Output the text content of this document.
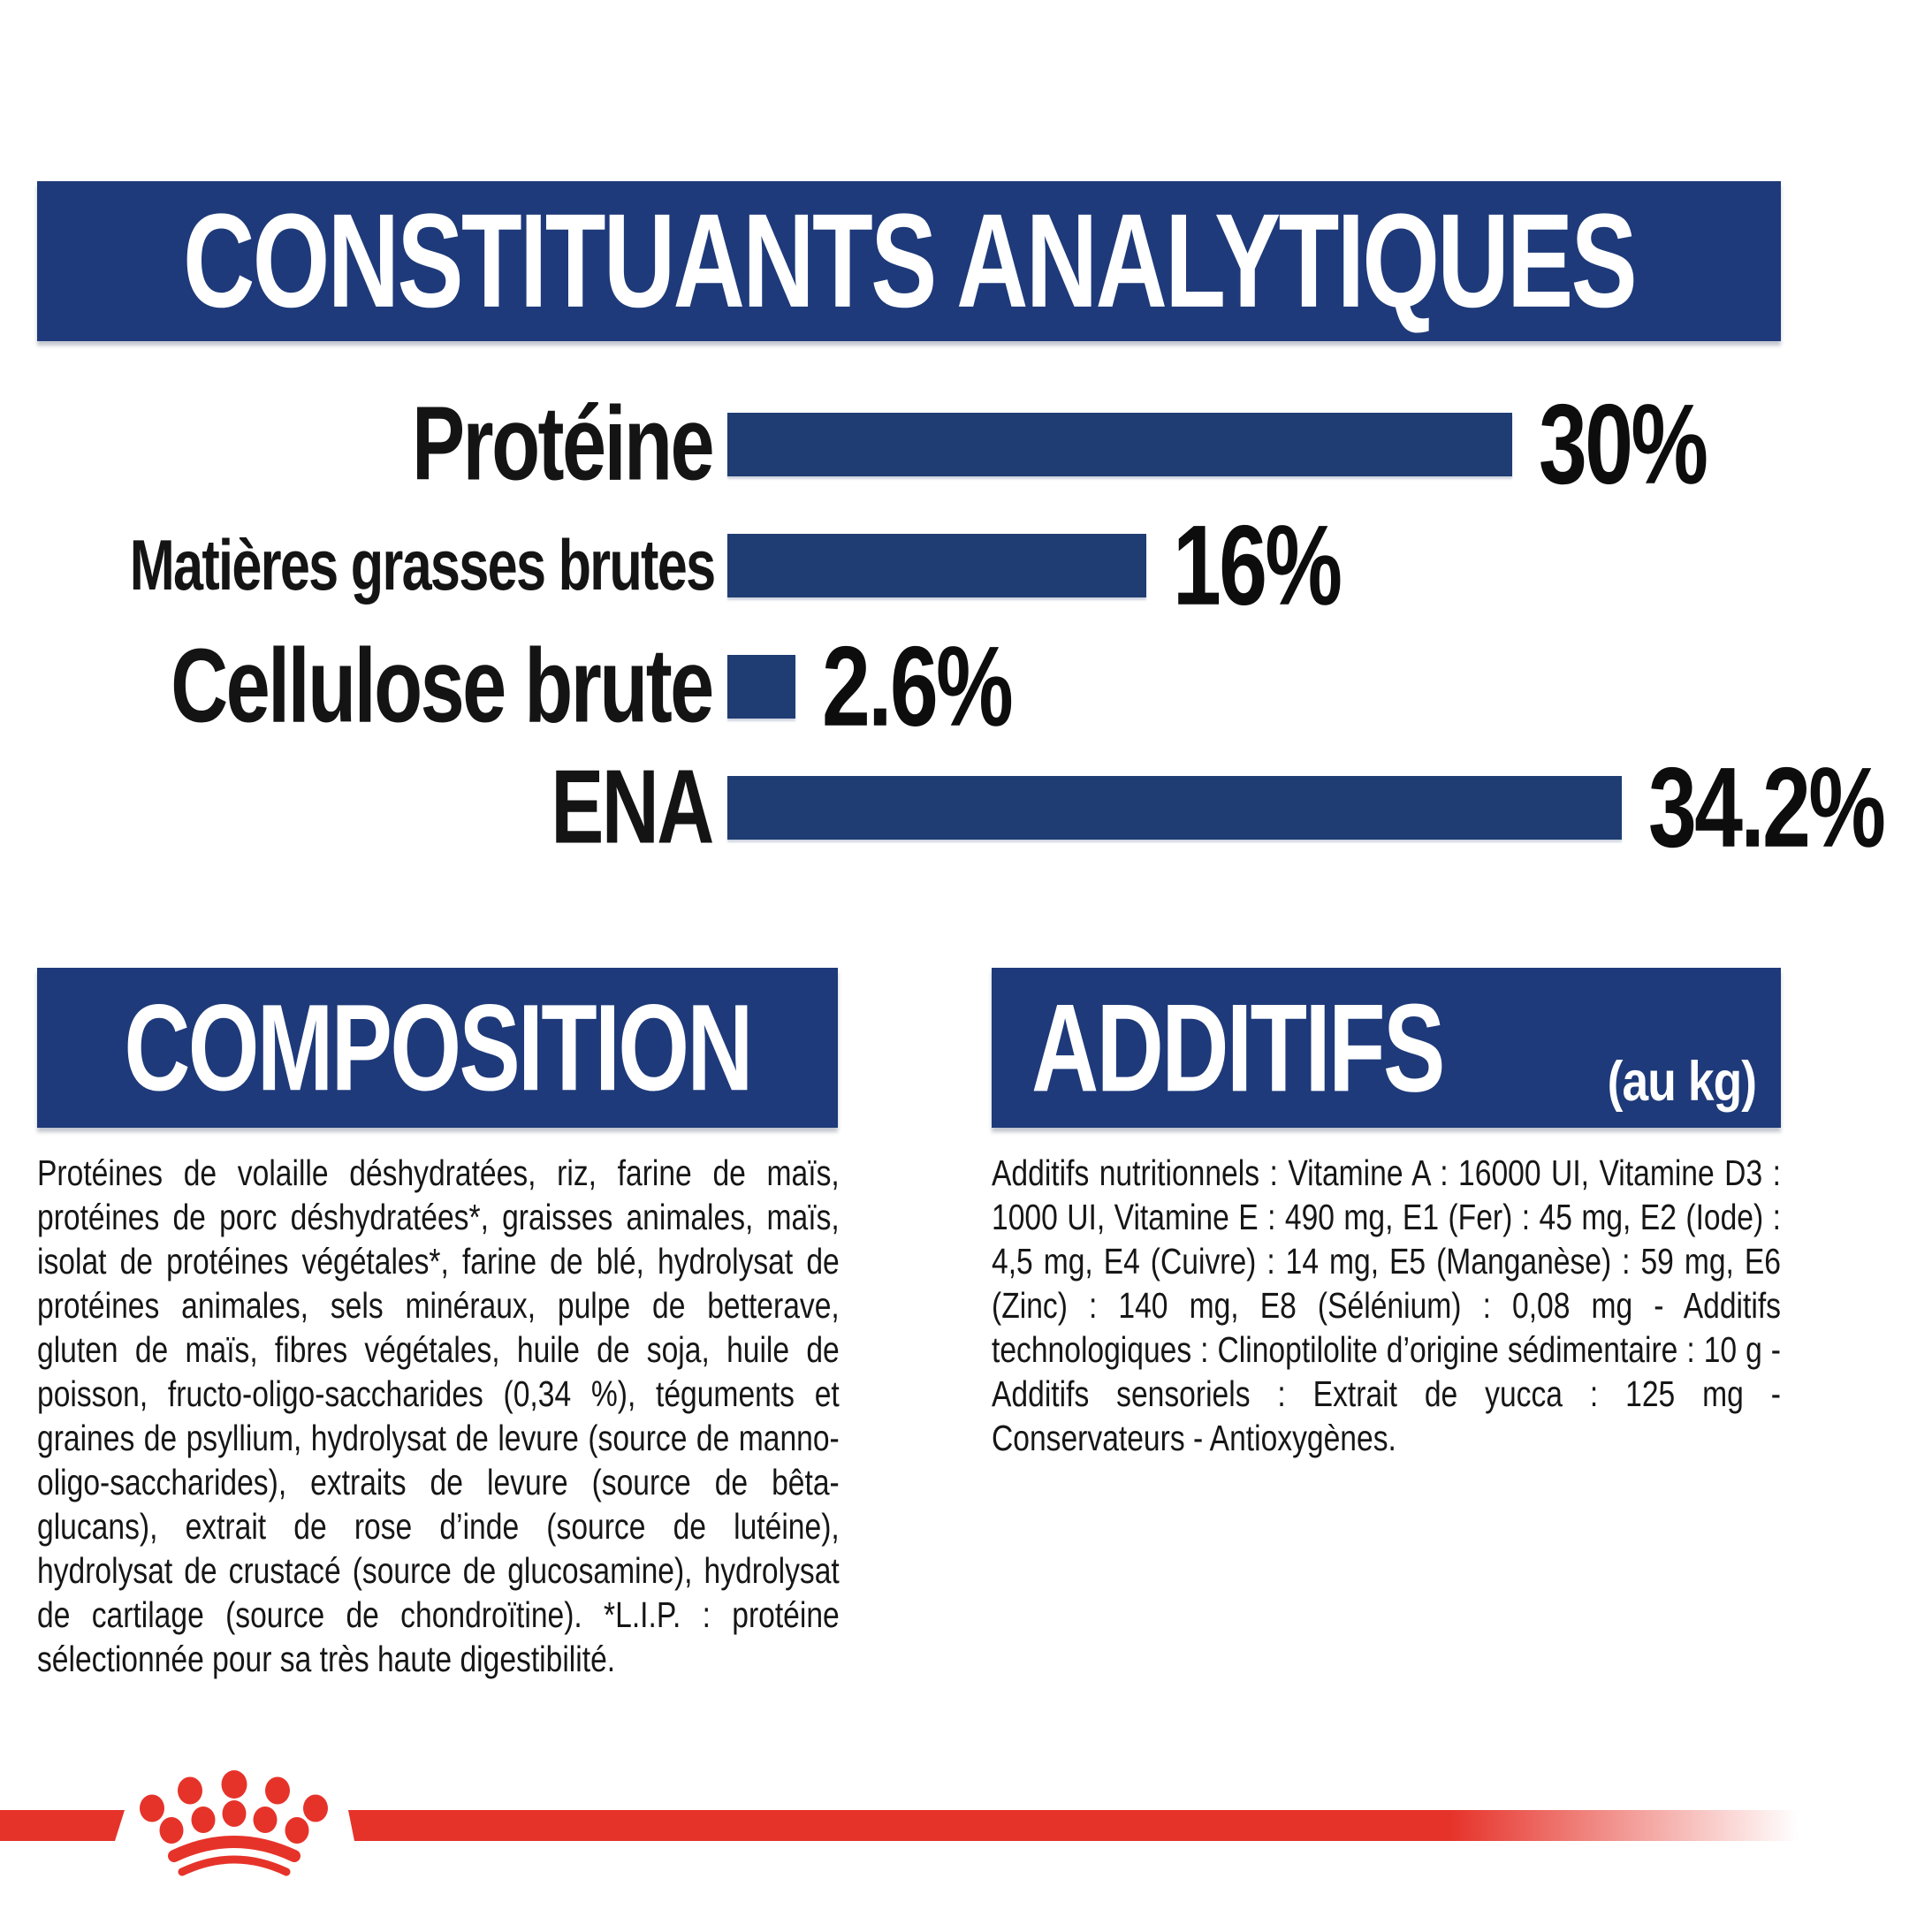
CONSTITUANTS ANALYTIQUES
Protéine	30%
Matières grasses brutes	16%
Cellulose brute 2.6%
ENA	34.2%
COMPOSITION	ADDITIFS	(au kg)
Protéines de volaille déshydratées, riz, farine de maïs, protéines de porc déshydratées*, graisses animales, maïs, isolat de protéines végétales*, farine de blé, hydrolysat de protéines animales, sels minéraux, pulpe de betterave, gluten de maïs, fibres végétales, huile de soja, huile de poisson, fructo-oligo-saccharides (0,34 %), téguments et graines de psyllium, hydrolysat de levure (source de manno-oligo-saccharides), extraits de levure (source de bêta-glucans), extrait de rose d’inde (source de lutéine), hydrolysat de crustacé (source de glucosamine), hydrolysat de cartilage (source de chondroïtine). *L.I.P. : protéine sélectionnée pour sa très haute digestibilité.
Additifs nutritionnels : Vitamine A : 16000 UI, Vitamine D3 : 1000 UI, Vitamine E : 490 mg, E1 (Fer) : 45 mg, E2 (Iode) : 4,5 mg, E4 (Cuivre) : 14 mg, E5 (Manganèse) : 59 mg, E6 (Zinc) : 140 mg, E8 (Sélénium) : 0,08 mg - Additifs technologiques : Clinoptilolite d’origine sédimentaire : 10 g - Additifs sensoriels : Extrait de yucca : 125 mg - Conservateurs - Antioxygènes.
